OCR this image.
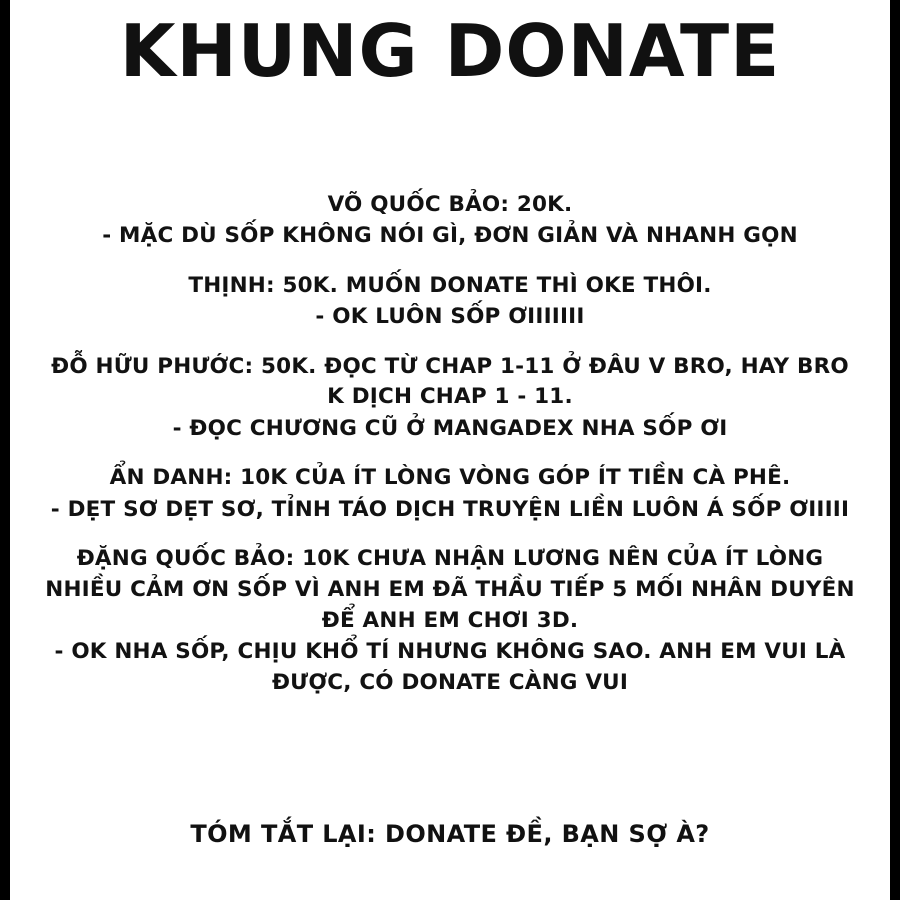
KHUNG DONATE

VÕ QUỐC BẢO: 20K.

- MẶC DÙ SỐP KHÔNG NÓI GÌ, ĐƠN GIẢN VÀ NHANH GỌN

THỊNH: 50K. MUỐN DONATE THÌ OKE THÔI.

- OK LUÔN SỐP ƠIIIIIII

ĐỖ HỮU PHƯỚC: 50K. ĐỌC TỪ CHAP 1-11 Ở ĐÂU V BRO, HAY BRO K DỊCH CHAP 1 - 11.

- ĐỌC CHƯƠNG CŨ Ở MANGADEX NHA SỐP ƠI

ẨN DANH: 10K CỦA ÍT LÒNG VÒNG GÓP ÍT TIỀN CÀ PHÊ.

- DẸT SƠ DẸT SƠ, TỈNH TÁO DỊCH TRUYỆN LIỀN LUÔN Á SỐP ƠIIIII

ĐẶNG QUỐC BẢO: 10K CHƯA NHẬN LƯƠNG NÊN CỦA ÍT LÒNG NHIỀU CẢM ƠN SỐP VÌ ANH EM ĐÃ THẦU TIẾP 5 MỐI NHÂN DUYÊN ĐỂ ANH EM CHƠI 3D.

- OK NHA SỐP, CHỊU KHỔ TÍ NHƯNG KHÔNG SAO. ANH EM VUI LÀ ĐƯỢC, CÓ DONATE CÀNG VUI

TÓM TẮT LẠI: DONATE ĐỀ, BẠN SỢ À?
